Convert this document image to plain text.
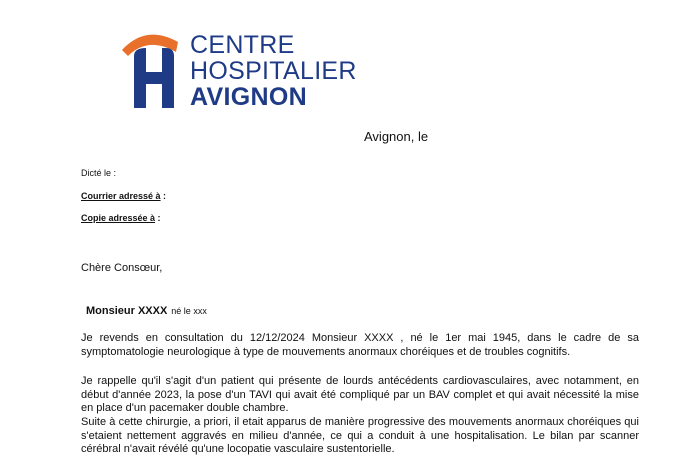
CENTRE
HOSPITALIER
AVIGNON
Avignon, le
Dicté le :
Courrier adressé à :
Copie adressée à :
Chère Consœur,
Monsieur XXXX né le xxx
Je revends en consultation du 12/12/2024 Monsieur XXXX , né le 1er mai 1945, dans le cadre de sa symptomatologie neurologique à type de mouvements anormaux choréiques et de troubles cognitifs.
Je rappelle qu'il s'agit d'un patient qui présente de lourds antécédents cardiovasculaires, avec notamment, en début d'année 2023, la pose d'un TAVI qui avait été compliqué par un BAV complet et qui avait nécessité la mise en place d'un pacemaker double chambre.
Suite à cette chirurgie, a priori, il etait apparus de manière progressive des mouvements anormaux choréiques qui s'etaient nettement aggravés en milieu d'année, ce qui a conduit à une hospitalisation. Le bilan par scanner cérébral n'avait révélé qu'une locopatie vasculaire sustentorielle.
